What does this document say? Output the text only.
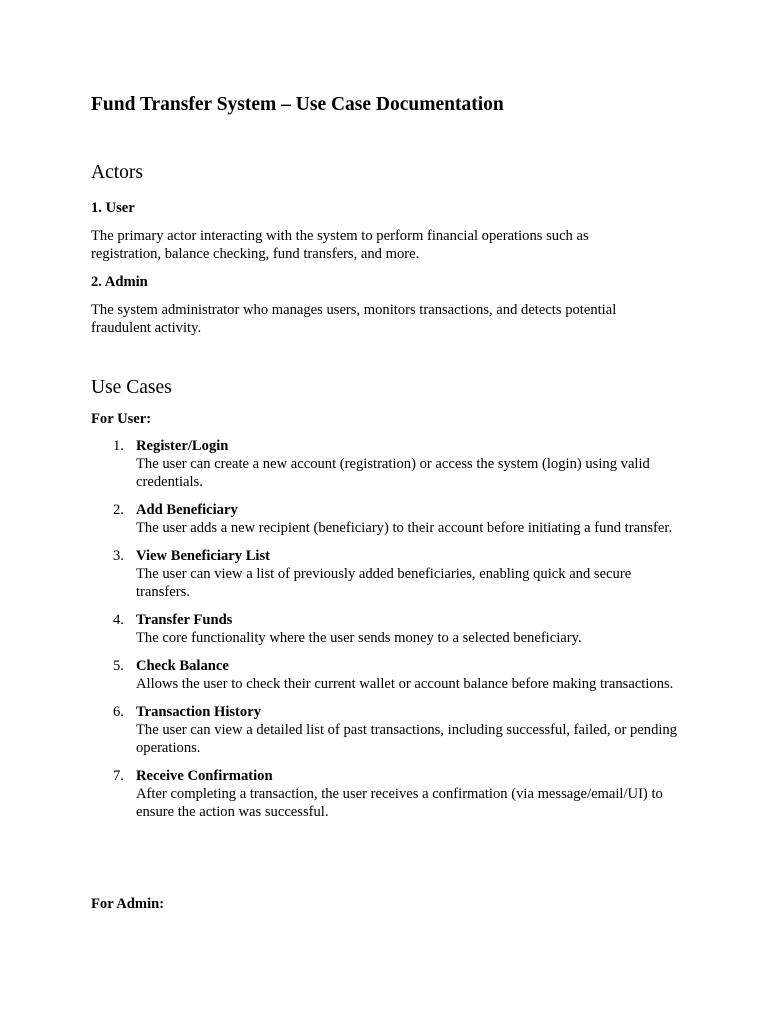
Fund Transfer System – Use Case Documentation
Actors
1. User

The primary actor interacting with the system to perform financial operations such as registration, balance checking, fund transfers, and more.

2. Admin

The system administrator who manages users, monitors transactions, and detects potential fraudulent activity.

Use Cases
For User:
1. Register/Login
The user can create a new account (registration) or access the system (login) using valid credentials.
2. Add Beneficiary
The user adds a new recipient (beneficiary) to their account before initiating a fund transfer.
3. View Beneficiary List
The user can view a list of previously added beneficiaries, enabling quick and secure transfers.
4. Transfer Funds
The core functionality where the user sends money to a selected beneficiary.
5. Check Balance
Allows the user to check their current wallet or account balance before making transactions.
6. Transaction History
The user can view a detailed list of past transactions, including successful, failed, or pending operations.
7. Receive Confirmation
After completing a transaction, the user receives a confirmation (via message/email/UI) to ensure the action was successful.
For Admin:
